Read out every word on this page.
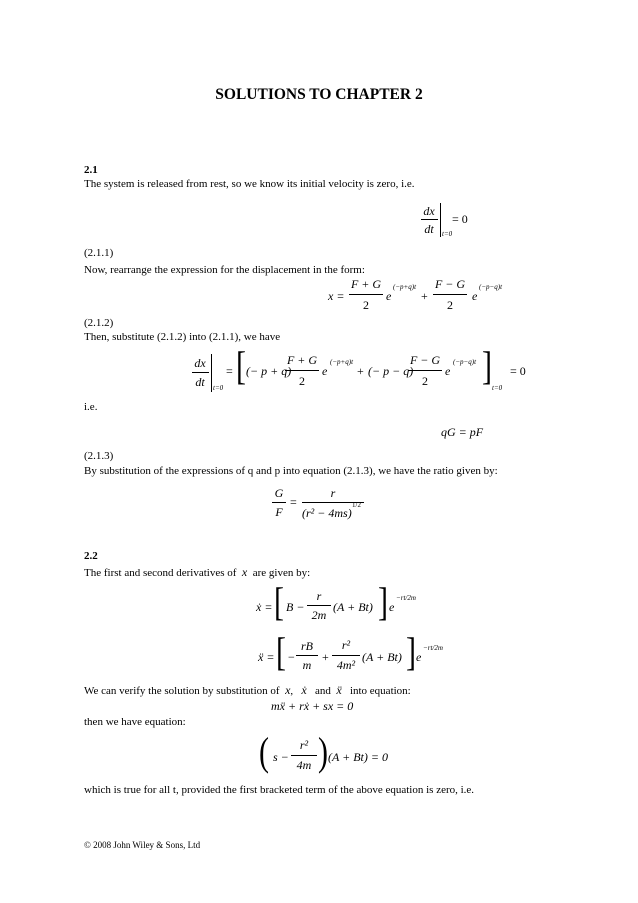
SOLUTIONS TO CHAPTER 2
2.1
The system is released from rest, so we know its initial velocity is zero, i.e.
dx
dt	t=0
= 0
(2.1.1)
Now, rearrange the expression for the displacement in the form:
x =
F + G
2
e
(−p+q)t
+
F − G
2
e
(−p−q)t
(2.1.2)
Then, substitute (2.1.2) into (2.1.1), we have
dx
dt	t=0
= [ (− p + q)
F + G
2
e
(−p+q)t
+ (− p − q)
F − G
2
e
(−p−q)t ] t=0
= 0
i.e.
qG = pF
(2.1.3)
By substitution of the expressions of q and p into equation (2.1.3), we have the ratio given by:
G
F
=
r
(r² − 4ms)
1/2
2.2
The first and second derivatives of x are given by:
ẋ = [ B −
r
2m
(A + Bt) ] e
−rt/2m
ẍ = [ −
rB
m
+
r²
4m²
(A + Bt) ] e
−rt/2m
We can verify the solution by substitution of x, ẋ and ẍ into equation:
mẍ + rẋ + sx = 0
then we have equation:
( s −
r²
4m ) (A + Bt) = 0
which is true for all t, provided the first bracketed term of the above equation is zero, i.e.
© 2008 John Wiley & Sons, Ltd
